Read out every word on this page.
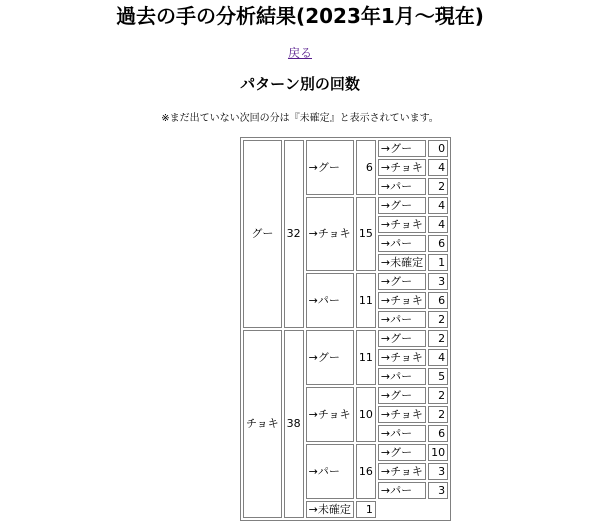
過去の手の分析結果(2023年1月～現在)
戻る
パターン別の回数

※まだ出ていない次回の分は『未確定』と表示されています。

グー	32	→グー	6	→グー	0
				→チョキ	4
				→パー	2
		→チョキ	15	→グー	4
				→チョキ	4
				→パー	6
				→未確定	1
		→パー	11	→グー	3
				→チョキ	6
				→パー	2
チョキ	38	→グー	11	→グー	2
				→チョキ	4
				→パー	5
		→チョキ	10	→グー	2
				→チョキ	2
				→パー	6
		→パー	16	→グー	10
				→チョキ	3
				→パー	3
		→未確定	1		
